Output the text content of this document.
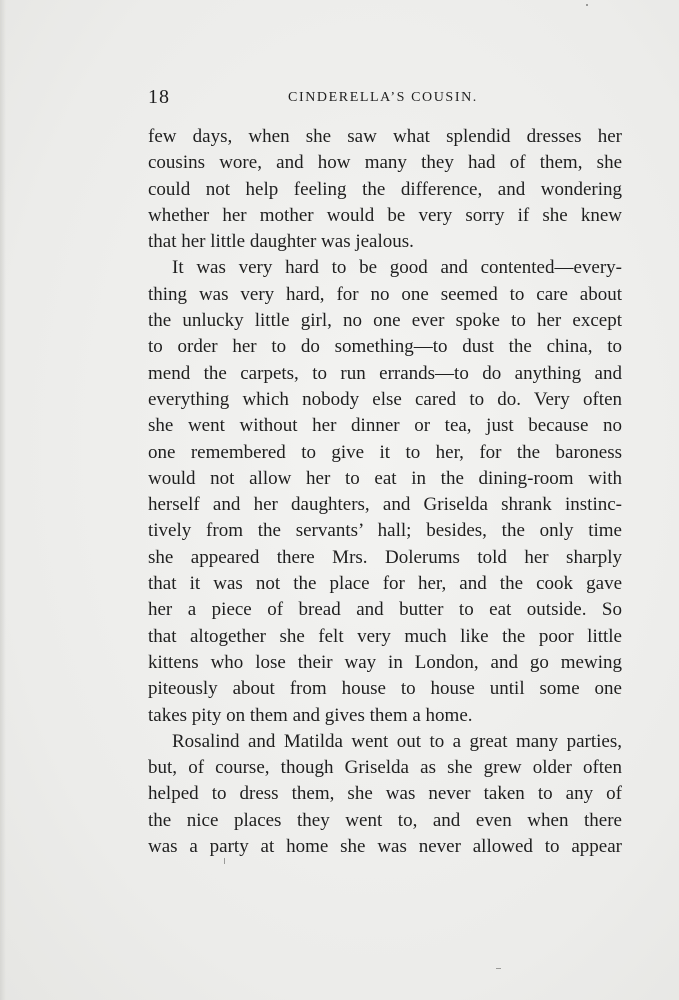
18	CINDERELLA’S COUSIN.
few days, when she saw what splendid dresses her
cousins wore, and how many they had of them, she
could not help feeling the difference, and wondering
whether her mother would be very sorry if she knew
that her little daughter was jealous.
It was very hard to be good and contented—every-
thing was very hard, for no one seemed to care about
the unlucky little girl, no one ever spoke to her except
to order her to do something—to dust the china, to
mend the carpets, to run errands—to do anything and
everything which nobody else cared to do. Very often
she went without her dinner or tea, just because no
one remembered to give it to her, for the baroness
would not allow her to eat in the dining-room with
herself and her daughters, and Griselda shrank instinc-
tively from the servants’ hall; besides, the only time
she appeared there Mrs. Dolerums told her sharply
that it was not the place for her, and the cook gave
her a piece of bread and butter to eat outside. So
that altogether she felt very much like the poor little
kittens who lose their way in London, and go mewing
piteously about from house to house until some one
takes pity on them and gives them a home.
Rosalind and Matilda went out to a great many parties,
but, of course, though Griselda as she grew older often
helped to dress them, she was never taken to any of
the nice places they went to, and even when there
was a party at home she was never allowed to appear
